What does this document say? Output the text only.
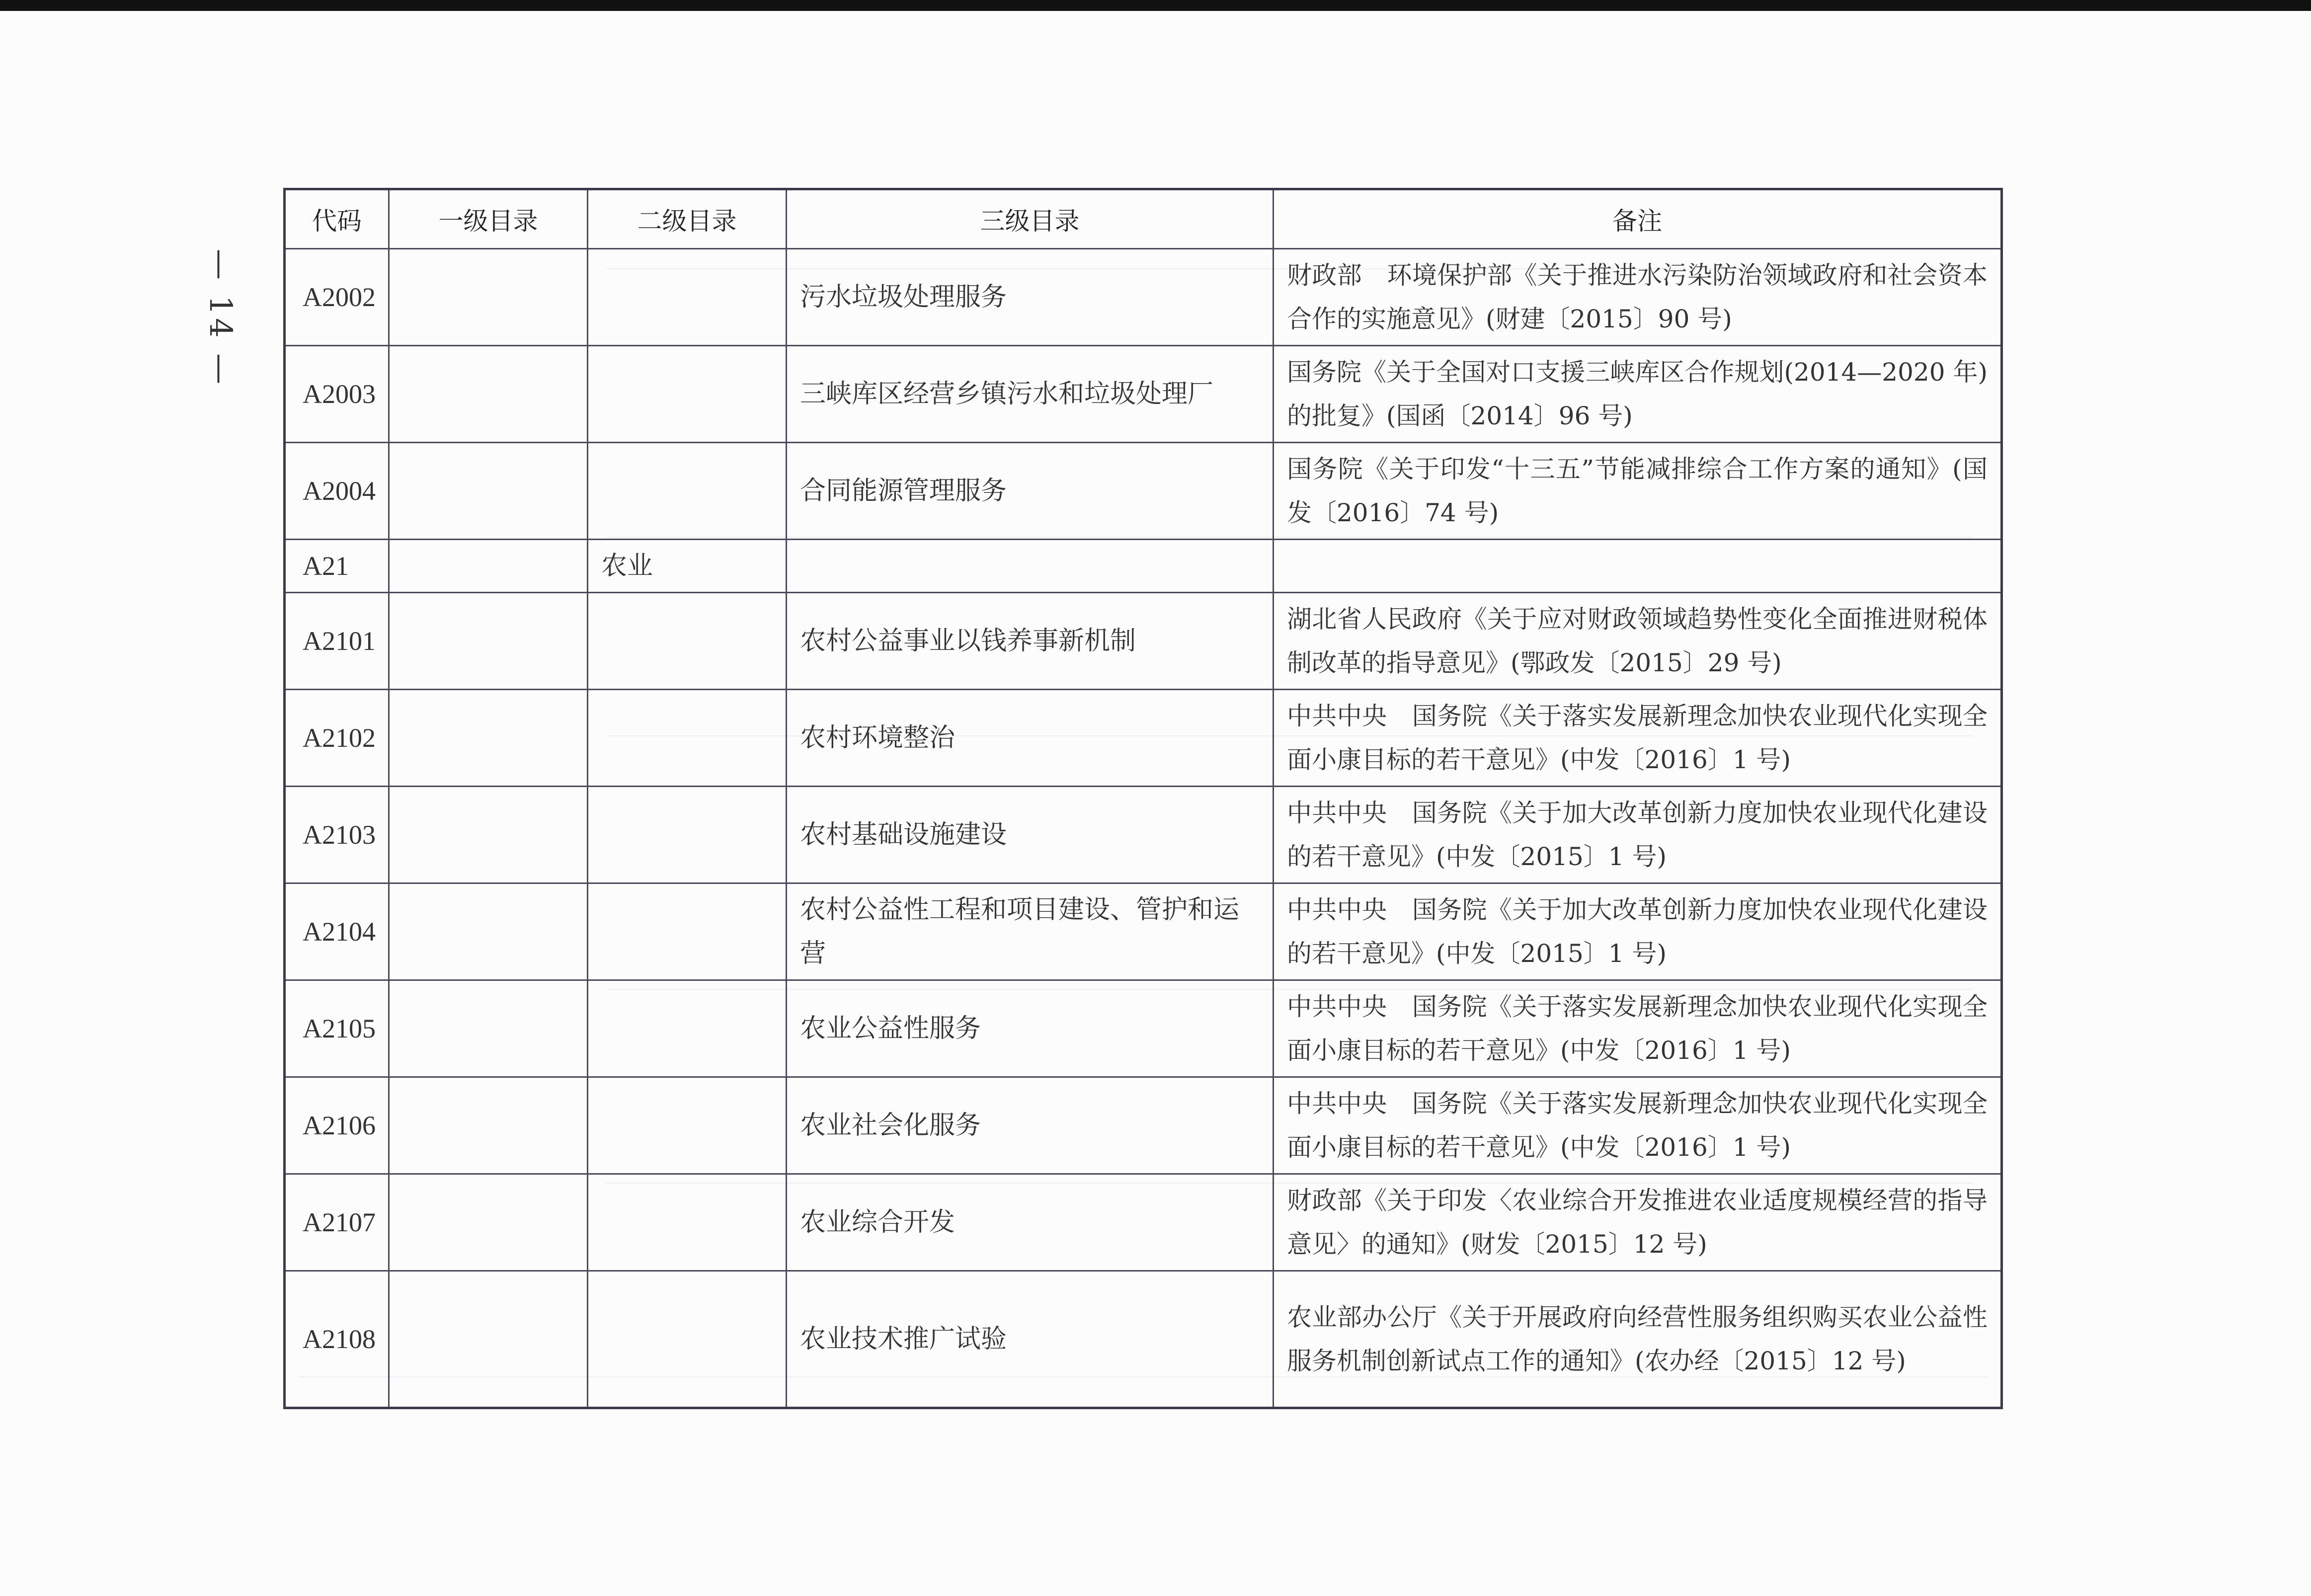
— 14 —
代码	一级目录	二级目录	三级目录	备注
A2002			污水垃圾处理服务	财政部　环境保护部《关于推进水污染防治领域政府和社会资本合作的实施意见》(财建〔2015〕90 号)
A2003			三峡库区经营乡镇污水和垃圾处理厂	国务院《关于全国对口支援三峡库区合作规划(2014—2020 年)的批复》(国函〔2014〕96 号)
A2004			合同能源管理服务	国务院《关于印发“十三五”节能减排综合工作方案的通知》(国发〔2016〕74 号)
A21		农业		
A2101			农村公益事业以钱养事新机制	湖北省人民政府《关于应对财政领域趋势性变化全面推进财税体制改革的指导意见》(鄂政发〔2015〕29 号)
A2102			农村环境整治	中共中央　国务院《关于落实发展新理念加快农业现代化实现全面小康目标的若干意见》(中发〔2016〕1 号)
A2103			农村基础设施建设	中共中央　国务院《关于加大改革创新力度加快农业现代化建设的若干意见》(中发〔2015〕1 号)
A2104			农村公益性工程和项目建设、管护和运营	中共中央　国务院《关于加大改革创新力度加快农业现代化建设的若干意见》(中发〔2015〕1 号)
A2105			农业公益性服务	中共中央　国务院《关于落实发展新理念加快农业现代化实现全面小康目标的若干意见》(中发〔2016〕1 号)
A2106			农业社会化服务	中共中央　国务院《关于落实发展新理念加快农业现代化实现全面小康目标的若干意见》(中发〔2016〕1 号)
A2107			农业综合开发	财政部《关于印发〈农业综合开发推进农业适度规模经营的指导意见〉的通知》(财发〔2015〕12 号)
A2108			农业技术推广试验	农业部办公厅《关于开展政府向经营性服务组织购买农业公益性服务机制创新试点工作的通知》(农办经〔2015〕12 号)
